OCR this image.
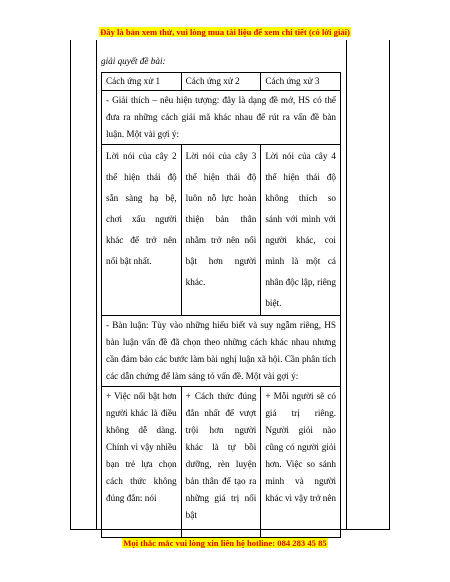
Đây là bản xem thử, vui lòng mua tài liệu để xem chi tiết (có lời giải)
giải quyết đề bài:
Cách ứng xử 1	Cách ứng xử 2	Cách ứng xử 3
- Giải thích – nêu hiện tượng: đây là dạng đề mở, HS có thể đưa ra những cách giải mã khác nhau để rút ra vấn đề bàn luận. Một vài gợi ý:		
Lời nói của cây 2 thể hiện thái độ sẵn sàng hạ bệ, chơi xấu người khác để trở nên nổi bật nhất.	Lời nói của cây 3 thể hiện thái độ luôn nỗ lực hoàn thiện bản thân nhằm trở nên nổi bật hơn người khác.	Lời nói của cây 4 thể hiện thái độ không thích so sánh với mình với người khác, coi mình là một cá nhân độc lập, riêng biệt.
- Bàn luận: Tùy vào những hiểu biết và suy ngẫm riêng, HS bàn luận vấn đề đã chọn theo những cách khác nhau nhưng cần đảm bảo các bước làm bài nghị luận xã hội. Cần phân tích các dẫn chứng để làm sáng tỏ vấn đề. Một vài gợi ý:		
+ Việc nổi bật hơn người khác là điều không dễ dàng. Chính vì vậy nhiều bạn trẻ lựa chọn cách thức không đúng đắn: nói	+ Cách thức đúng đắn nhất để vượt trội hơn người khác là tự bồi dưỡng, rèn luyện bản thân để tạo ra những giá trị nổi bật	+ Mỗi người sẽ có giá trị riêng. Người giỏi nào cũng có người giỏi hơn. Việc so sánh mình và người khác vì vậy trở nên
Mọi thắc mắc vui lòng xin liên hệ hotline: 084 283 45 85
